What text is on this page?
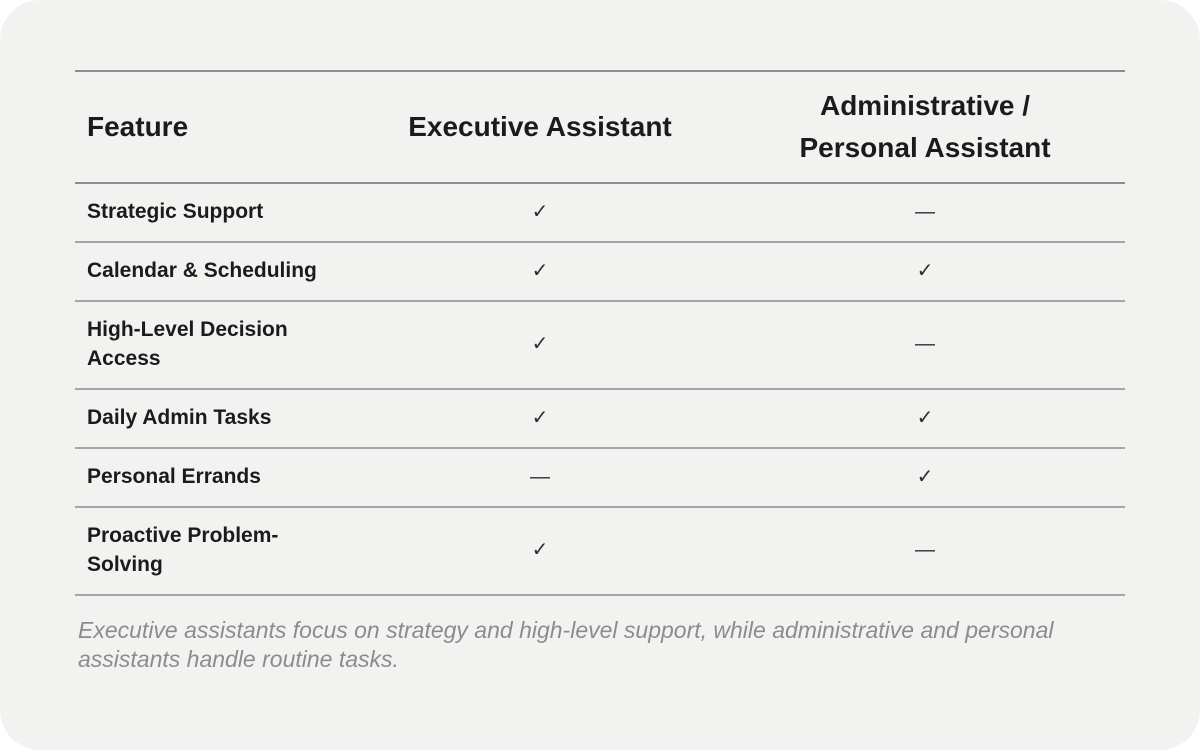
Feature	Executive Assistant	Administrative / Personal Assistant
Strategic Support	✓	—
Calendar & Scheduling	✓	✓
High-Level Decision Access	✓	—
Daily Admin Tasks	✓	✓
Personal Errands	—	✓
Proactive Problem-Solving	✓	—

Executive assistants focus on strategy and high-level support, while administrative and personal assistants handle routine tasks.
